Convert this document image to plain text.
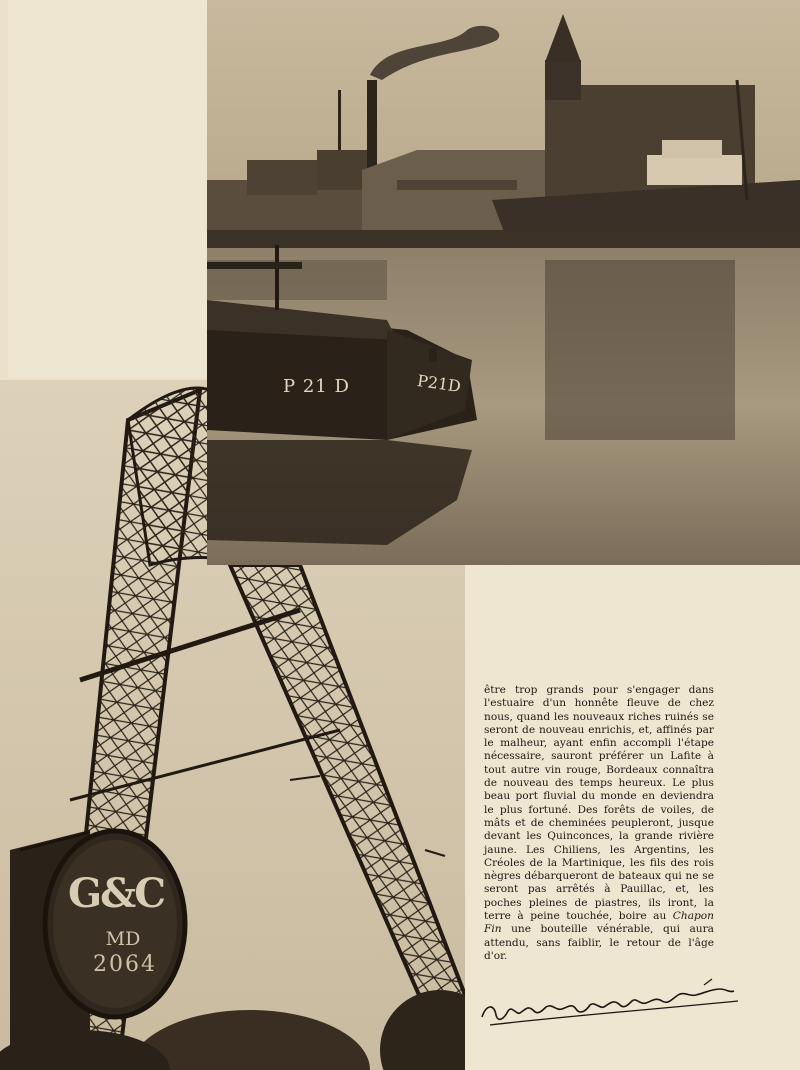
G&C
MD
2064
P 21 D	P21D

être trop grands pour s'engager dans l'estuaire d'un honnête fleuve de chez nous, quand les nouveaux riches ruinés se seront de nouveau enrichis, et, affinés par le malheur, ayant enfin accompli l'étape nécessaire, sauront préférer un Lafite à tout autre vin rouge, Bordeaux connaîtra de nouveau des temps heureux. Le plus beau port fluvial du monde en deviendra le plus fortuné. Des forêts de voiles, de mâts et de cheminées peupleront, jusque devant les Quinconces, la grande rivière jaune. Les Chiliens, les Argentins, les Créoles de la Martinique, les fils des rois nègres débarqueront de bateaux qui ne se seront pas arrêtés à Pauillac, et, les poches pleines de piastres, ils iront, la terre à peine touchée, boire au Chapon Fin une bouteille vénérable, qui aura attendu, sans faiblir, le retour de l'âge d'or.
